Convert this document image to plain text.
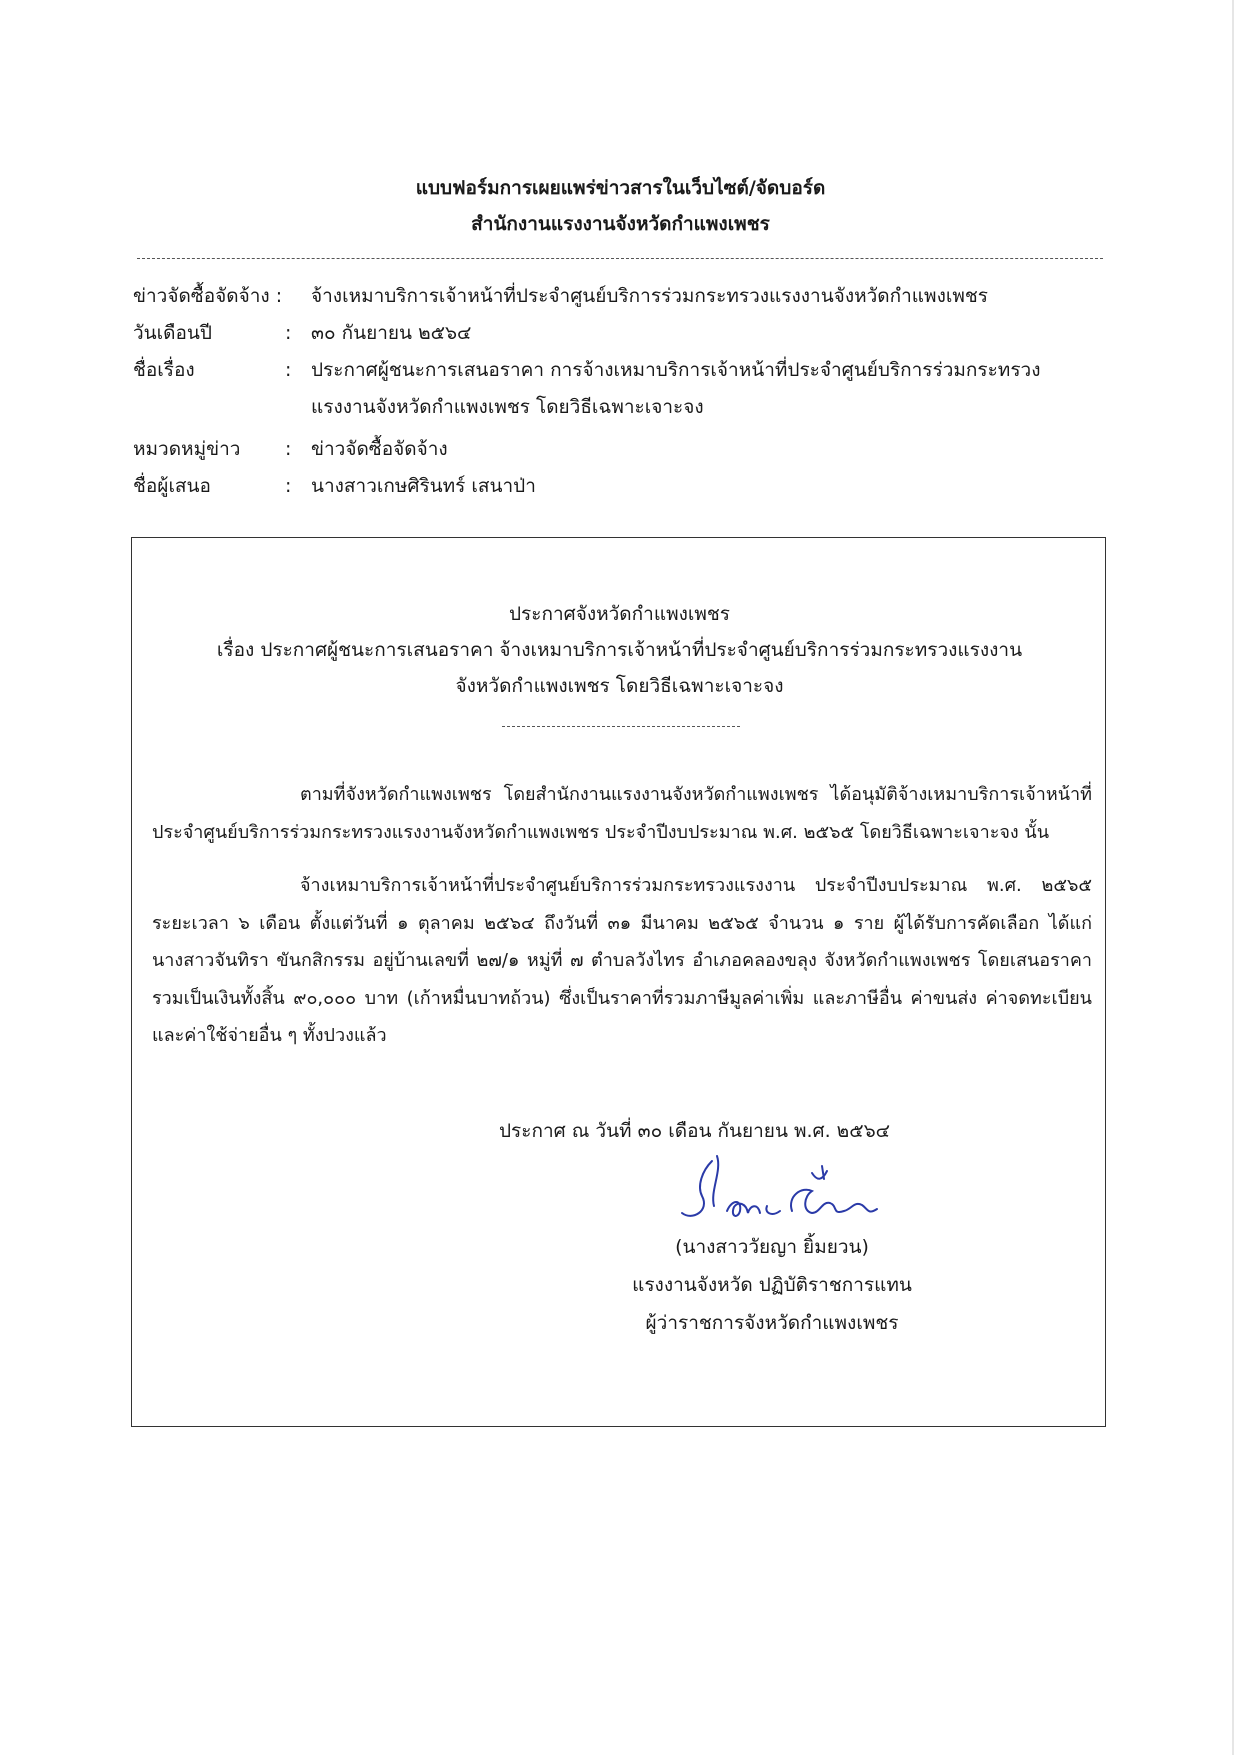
แบบฟอร์มการเผยแพร่ข่าวสารในเว็บไซต์/จัดบอร์ด
สำนักงานแรงงานจังหวัดกำแพงเพชร
ข่าวจัดซื้อจัดจ้าง : จ้างเหมาบริการเจ้าหน้าที่ประจำศูนย์บริการร่วมกระทรวงแรงงานจังหวัดกำแพงเพชร
วันเดือนปี	:	๓๐ กันยายน ๒๕๖๔
ชื่อเรื่อง	:	ประกาศผู้ชนะการเสนอราคา การจ้างเหมาบริการเจ้าหน้าที่ประจำศูนย์บริการร่วมกระทรวงแรงงานจังหวัดกำแพงเพชร โดยวิธีเฉพาะเจาะจง
หมวดหมู่ข่าว	:	ข่าวจัดซื้อจัดจ้าง
ชื่อผู้เสนอ	:	นางสาวเกษศิรินทร์ เสนาป่า
ประกาศจังหวัดกำแพงเพชร
เรื่อง ประกาศผู้ชนะการเสนอราคา จ้างเหมาบริการเจ้าหน้าที่ประจำศูนย์บริการร่วมกระทรวงแรงงาน
จังหวัดกำแพงเพชร โดยวิธีเฉพาะเจาะจง

ตามที่จังหวัดกำแพงเพชร โดยสำนักงานแรงงานจังหวัดกำแพงเพชร ได้อนุมัติจ้างเหมาบริการเจ้าหน้าที่ประจำศูนย์บริการร่วมกระทรวงแรงงานจังหวัดกำแพงเพชร ประจำปีงบประมาณ พ.ศ. ๒๕๖๕ โดยวิธีเฉพาะเจาะจง นั้น

จ้างเหมาบริการเจ้าหน้าที่ประจำศูนย์บริการร่วมกระทรวงแรงงาน ประจำปีงบประมาณ พ.ศ. ๒๕๖๕ ระยะเวลา ๖ เดือน ตั้งแต่วันที่ ๑ ตุลาคม ๒๕๖๔ ถึงวันที่ ๓๑ มีนาคม ๒๕๖๕ จำนวน ๑ ราย ผู้ได้รับการคัดเลือก ได้แก่ นางสาวจันทิรา ขันกสิกรรม อยู่บ้านเลขที่ ๒๗/๑ หมู่ที่ ๗ ตำบลวังไทร อำเภอคลองขลุง จังหวัดกำแพงเพชร โดยเสนอราคารวมเป็นเงินทั้งสิ้น ๙๐,๐๐๐ บาท (เก้าหมื่นบาทถ้วน) ซึ่งเป็นราคาที่รวมภาษีมูลค่าเพิ่ม และภาษีอื่น ค่าขนส่ง ค่าจดทะเบียน และค่าใช้จ่ายอื่น ๆ ทั้งปวงแล้ว

ประกาศ ณ วันที่ ๓๐ เดือน กันยายน พ.ศ. ๒๕๖๔
(นางสาววัยญา ยิ้มยวน)
แรงงานจังหวัด ปฏิบัติราชการแทน
ผู้ว่าราชการจังหวัดกำแพงเพชร
